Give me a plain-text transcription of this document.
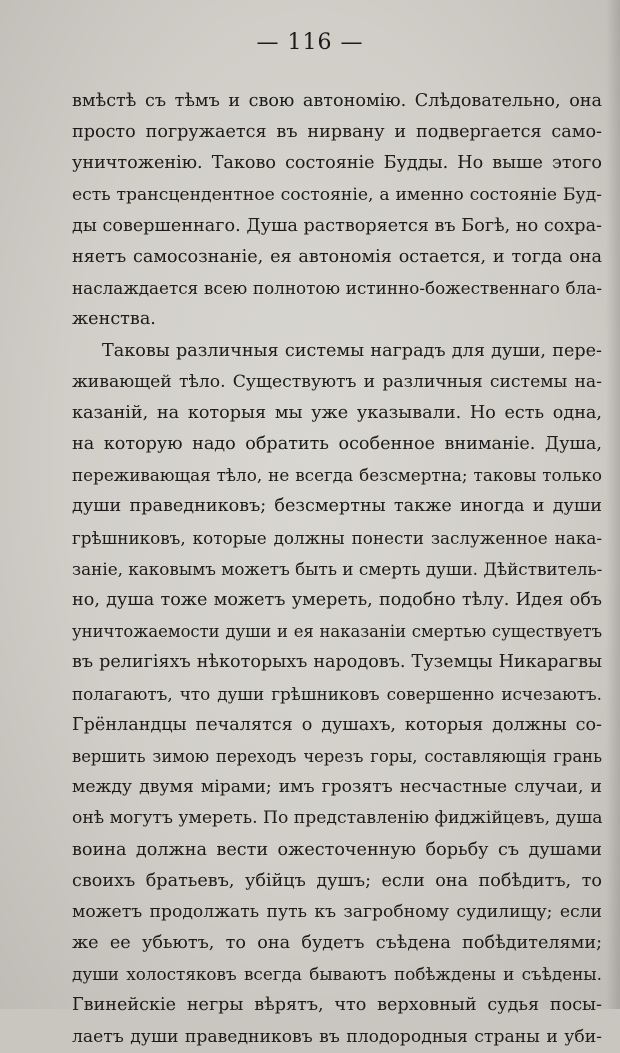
— 116 —
вмѣстѣ съ тѣмъ и свою автономію. Слѣдовательно, она
просто погружается въ нирвану и подвергается само-
уничтоженію. Таково состояніе Будды. Но выше этого
есть трансцендентное состояніе, а именно состояніе Буд-
ды совершеннаго. Душа растворяется въ Богѣ, но сохра-
няетъ самосознаніе, ея автономія остается, и тогда она
наслаждается всею полнотою истинно-божественнаго бла-
женства.
Таковы различныя системы наградъ для души, пере-
живающей тѣло. Существуютъ и различныя системы на-
казаній, на которыя мы уже указывали. Но есть одна,
на которую надо обратить особенное вниманіе. Душа,
переживающая тѣло, не всегда безсмертна; таковы только
души праведниковъ; безсмертны также иногда и души
грѣшниковъ, которые должны понести заслуженное нака-
заніе, каковымъ можетъ быть и смерть души. Дѣйствитель-
но, душа тоже можетъ умереть, подобно тѣлу. Идея объ
уничтожаемости души и ея наказаніи смертью существуетъ
въ религіяхъ нѣкоторыхъ народовъ. Туземцы Никарагвы
полагаютъ, что души грѣшниковъ совершенно исчезаютъ.
Грёнландцы печалятся о душахъ, которыя должны со-
вершить зимою переходъ черезъ горы, составляющія грань
между двумя мірами; имъ грозятъ несчастные случаи, и
онѣ могутъ умереть. По представленію фиджійцевъ, душа
воина должна вести ожесточенную борьбу съ душами
своихъ братьевъ, убійцъ душъ; если она побѣдитъ, то
можетъ продолжать путь къ загробному судилищу; если
же ее убьютъ, то она будетъ съѣдена побѣдителями;
души холостяковъ всегда бываютъ побѣждены и съѣдены.
Гвинейскіе негры вѣрятъ, что верховный судья посы-
лаетъ души праведниковъ въ плодородныя страны и уби-
